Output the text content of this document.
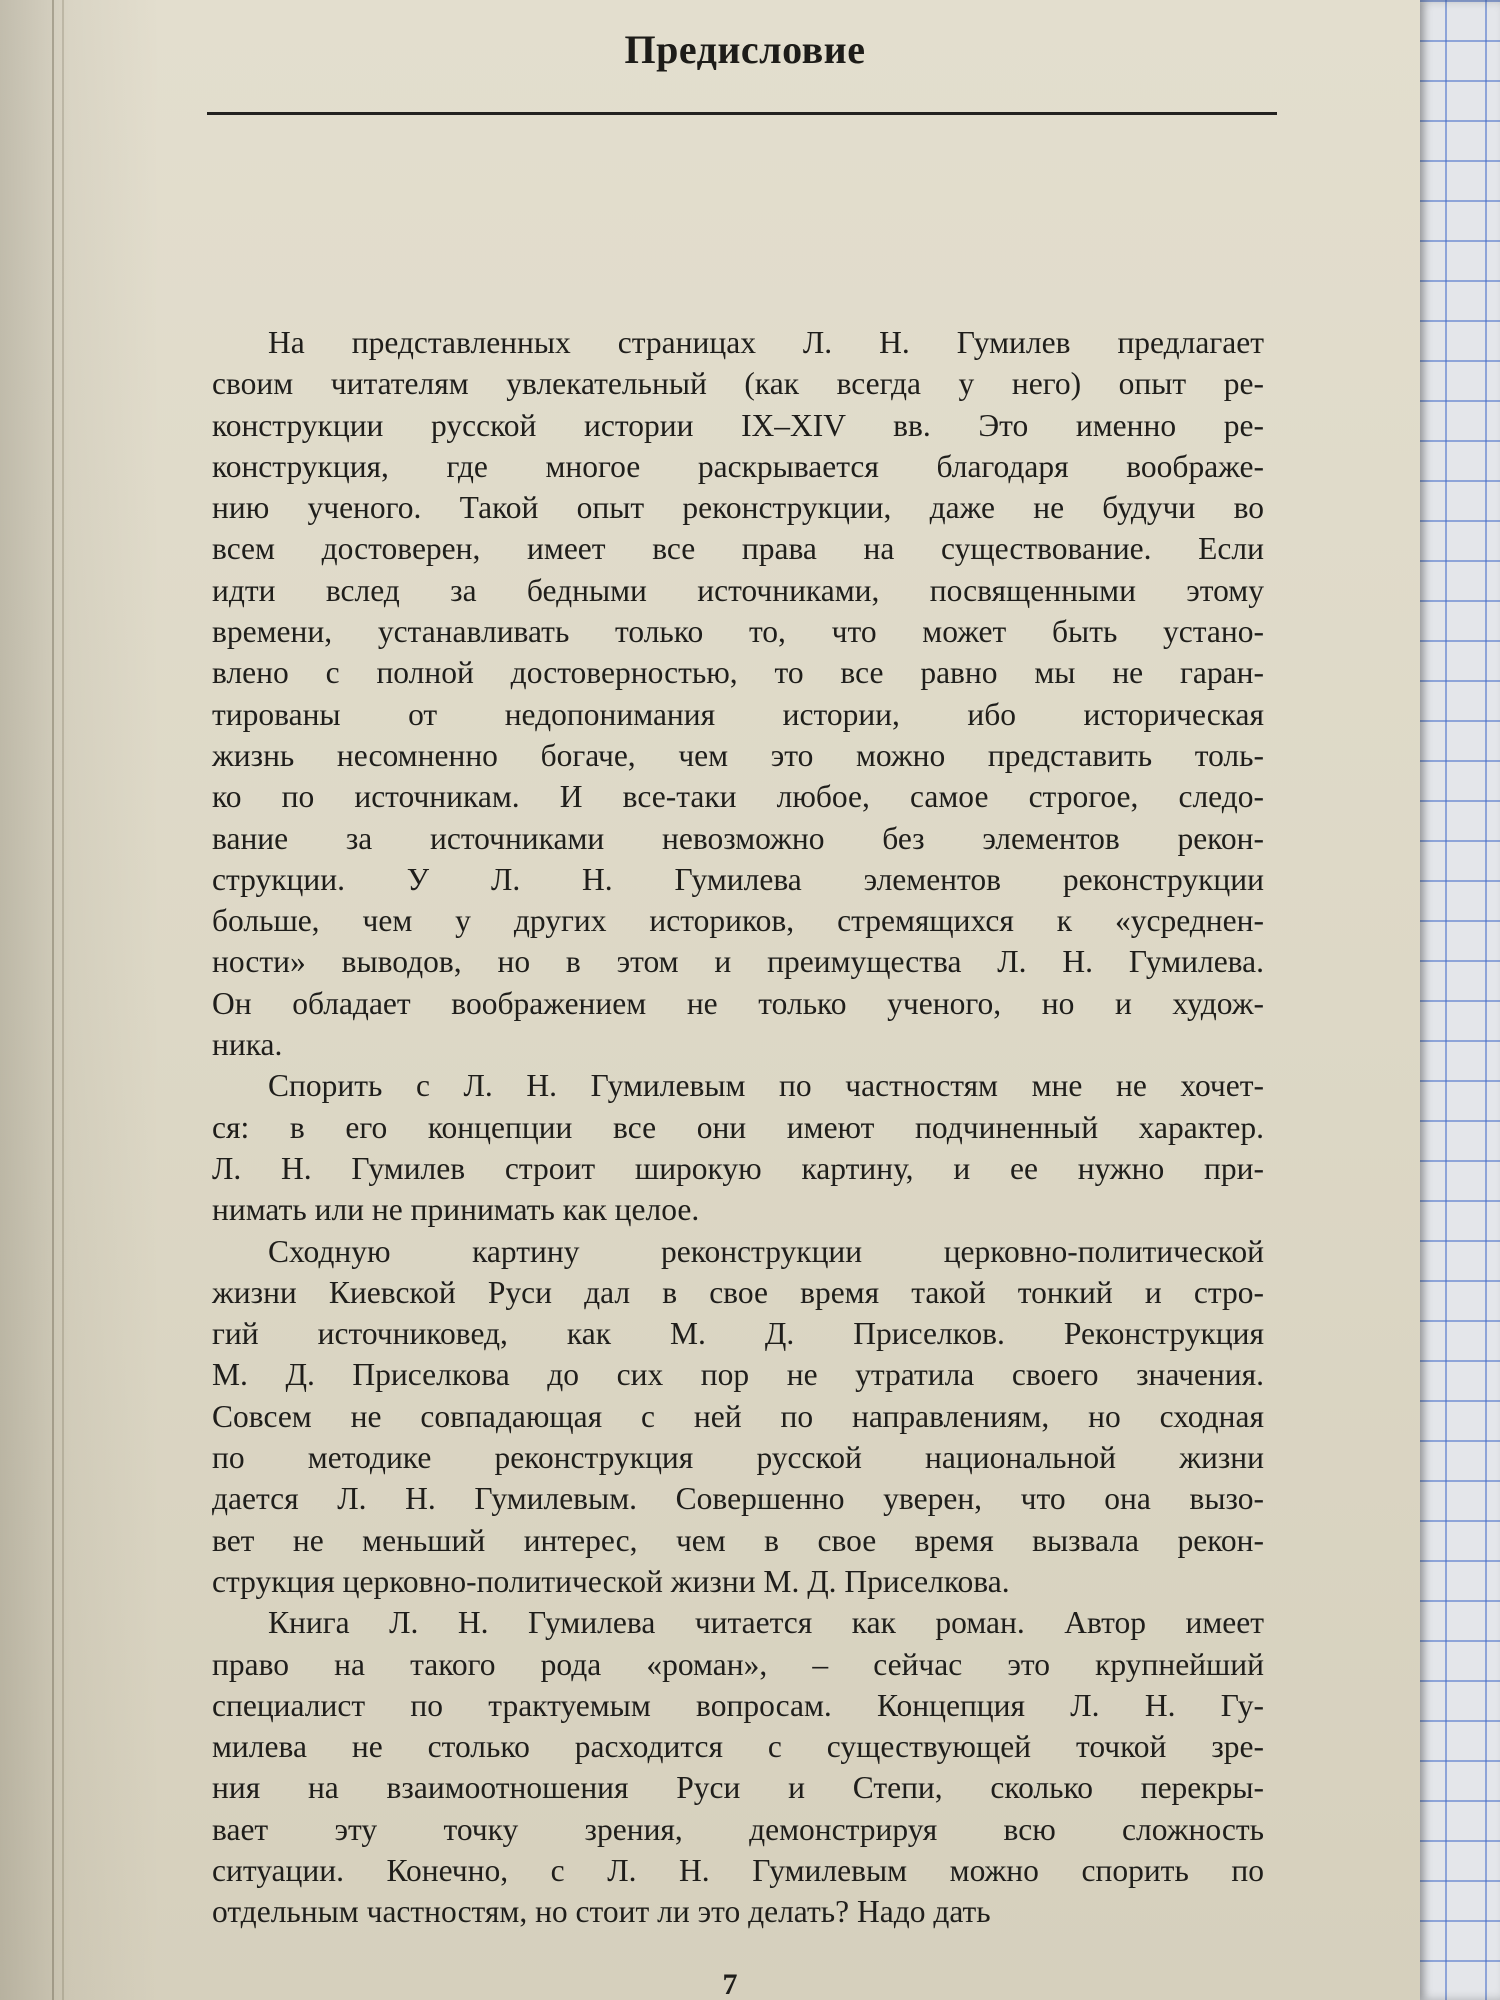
Предисловие
На представленных страницах Л. Н. Гумилев предлагает
своим читателям увлекательный (как всегда у него) опыт ре-
конструкции русской истории IX–XIV вв. Это именно ре-
конструкция, где многое раскрывается благодаря воображе-
нию ученого. Такой опыт реконструкции, даже не будучи во
всем достоверен, имеет все права на существование. Если
идти вслед за бедными источниками, посвященными этому
времени, устанавливать только то, что может быть устано-
влено с полной достоверностью, то все равно мы не гаран-
тированы от недопонимания истории, ибо историческая
жизнь несомненно богаче, чем это можно представить толь-
ко по источникам. И все-таки любое, самое строгое, следо-
вание за источниками невозможно без элементов рекон-
струкции. У Л. Н. Гумилева элементов реконструкции
больше, чем у других историков, стремящихся к «усреднен-
ности» выводов, но в этом и преимущества Л. Н. Гумилева.
Он обладает воображением не только ученого, но и худож-
ника.
Спорить с Л. Н. Гумилевым по частностям мне не хочет-
ся: в его концепции все они имеют подчиненный характер.
Л. Н. Гумилев строит широкую картину, и ее нужно при-
нимать или не принимать как целое.
Сходную картину реконструкции церковно-политической
жизни Киевской Руси дал в свое время такой тонкий и стро-
гий источниковед, как М. Д. Приселков. Реконструкция
М. Д. Приселкова до сих пор не утратила своего значения.
Совсем не совпадающая с ней по направлениям, но сходная
по методике реконструкция русской национальной жизни
дается Л. Н. Гумилевым. Совершенно уверен, что она вызо-
вет не меньший интерес, чем в свое время вызвала рекон-
струкция церковно-политической жизни М. Д. Приселкова.
Книга Л. Н. Гумилева читается как роман. Автор имеет
право на такого рода «роман», – сейчас это крупнейший
специалист по трактуемым вопросам. Концепция Л. Н. Гу-
милева не столько расходится с существующей точкой зре-
ния на взаимоотношения Руси и Степи, сколько перекры-
вает эту точку зрения, демонстрируя всю сложность
ситуации. Конечно, с Л. Н. Гумилевым можно спорить по
отдельным частностям, но стоит ли это делать? Надо дать
7
